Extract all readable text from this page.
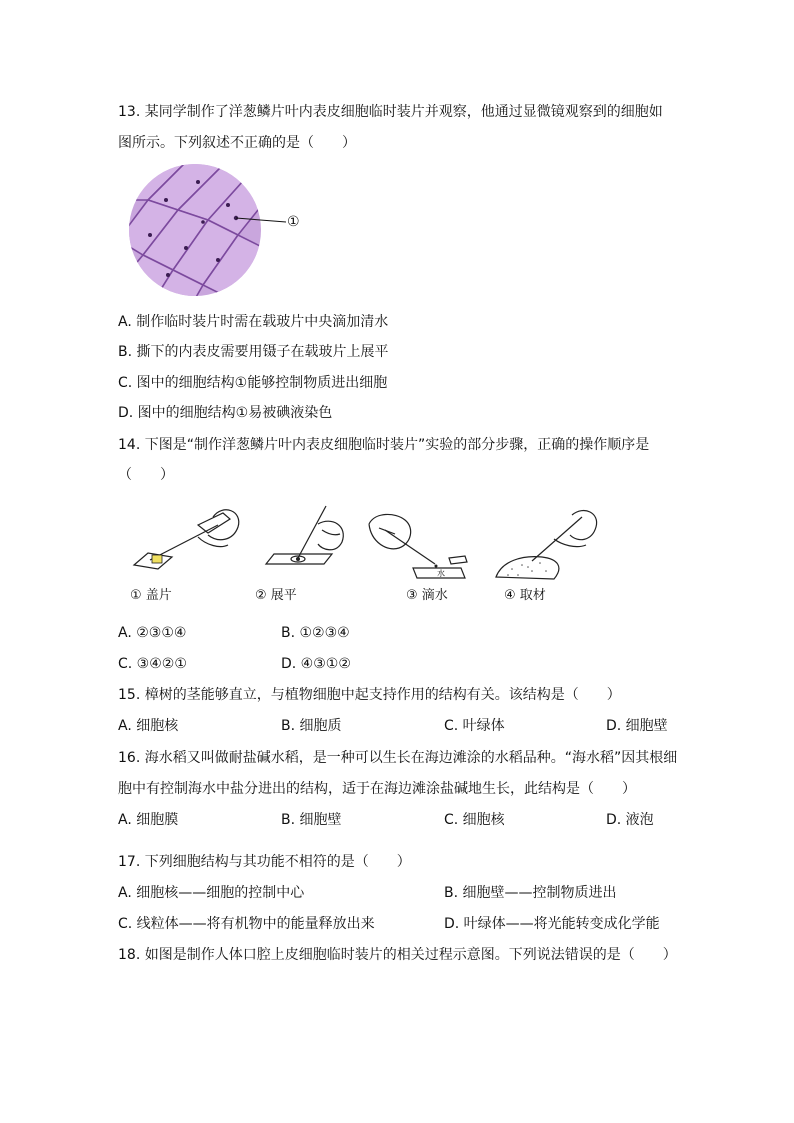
13. 某同学制作了洋葱鳞片叶内表皮细胞临时装片并观察，他通过显微镜观察到的细胞如
图所示。下列叙述不正确的是（　　）
①
A. 制作临时装片时需在载玻片中央滴加清水
B. 撕下的内表皮需要用镊子在载玻片上展平
C. 图中的细胞结构①能够控制物质进出细胞
D. 图中的细胞结构①易被碘液染色
14. 下图是“制作洋葱鳞片叶内表皮细胞临时装片”实验的部分步骤，正确的操作顺序是
（　　）
水
① 盖片	② 展平	③ 滴水	④ 取材
A. ②③①④	B. ①②③④
C. ③④②①	D. ④③①②
15. 樟树的茎能够直立，与植物细胞中起支持作用的结构有关。该结构是（　　）
A. 细胞核	B. 细胞质	C. 叶绿体	D. 细胞壁
16. 海水稻又叫做耐盐碱水稻，是一种可以生长在海边滩涂的水稻品种。“海水稻”因其根细
胞中有控制海水中盐分进出的结构，适于在海边滩涂盐碱地生长，此结构是（　　）
A. 细胞膜	B. 细胞壁	C. 细胞核	D. 液泡
17. 下列细胞结构与其功能不相符的是（　　）
A. 细胞核——细胞的控制中心	B. 细胞壁——控制物质进出
C. 线粒体——将有机物中的能量释放出来	D. 叶绿体——将光能转变成化学能
18. 如图是制作人体口腔上皮细胞临时装片的相关过程示意图。下列说法错误的是（　　）
